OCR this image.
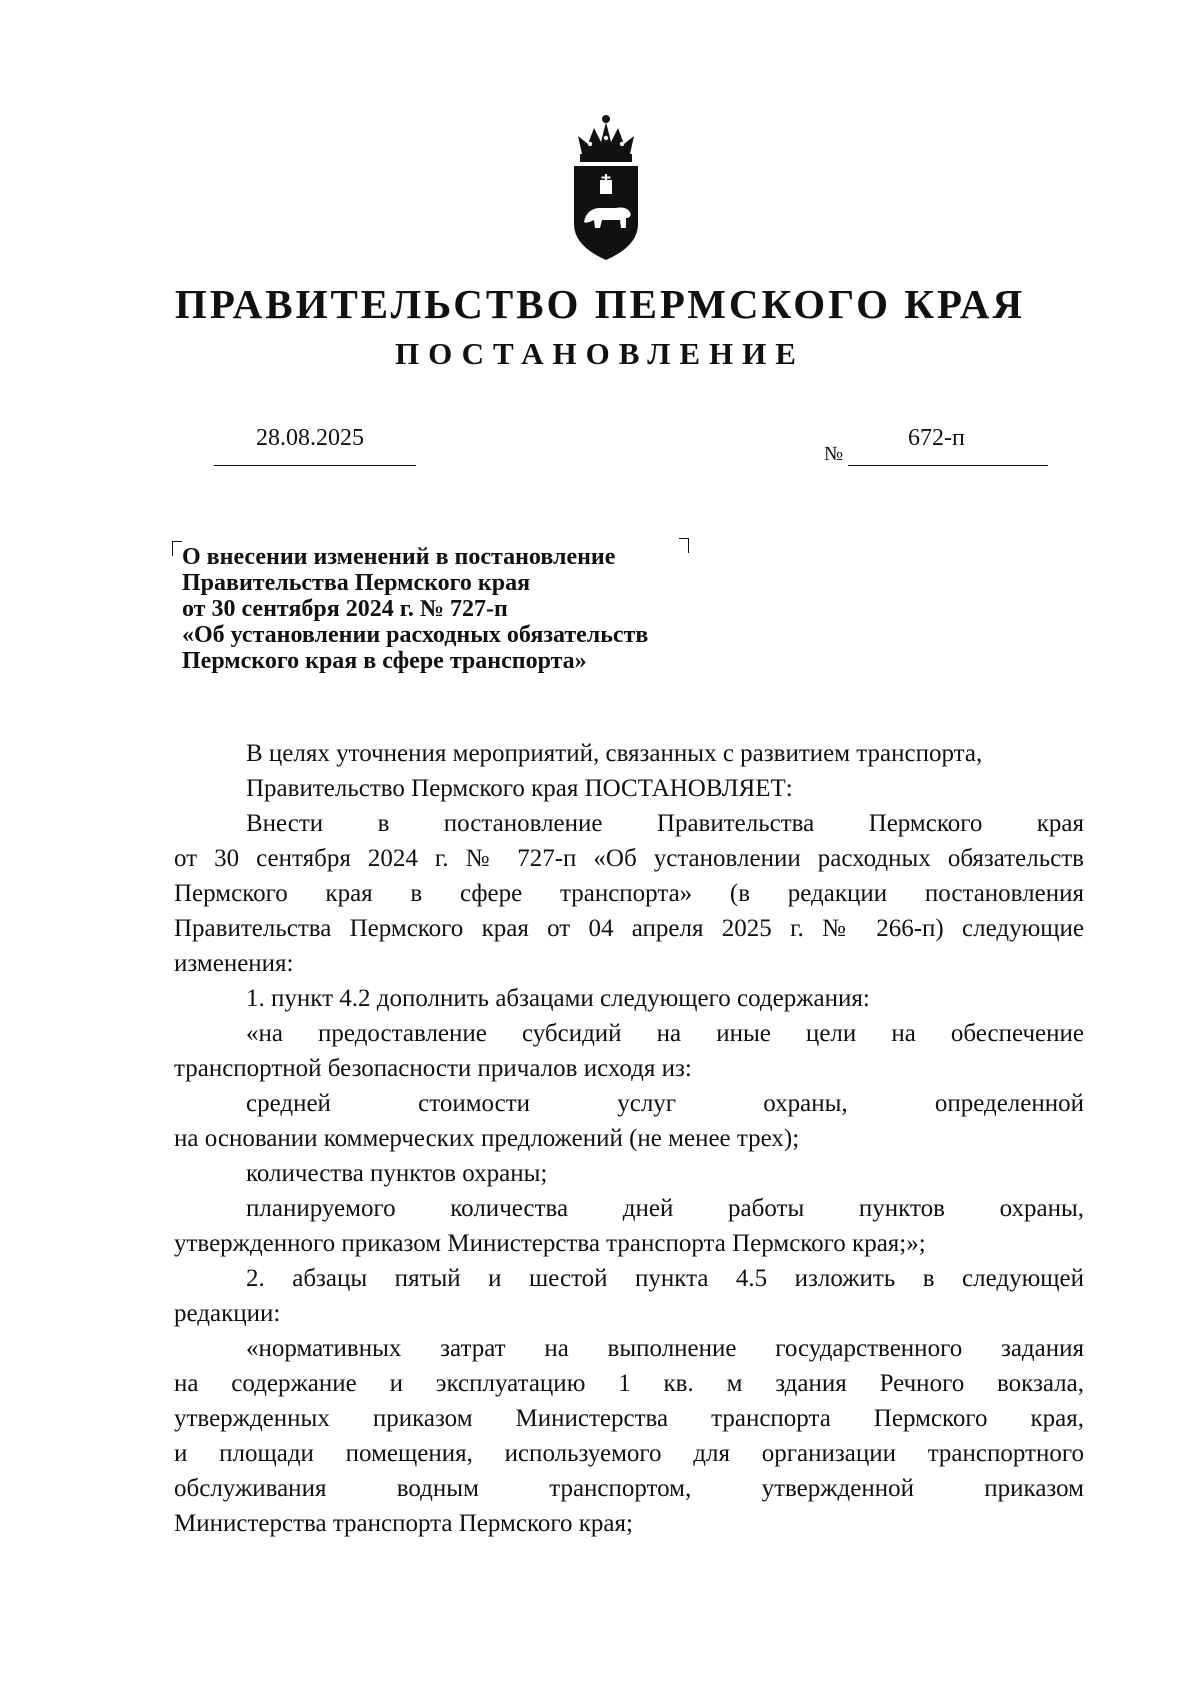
ПРАВИТЕЛЬСТВО ПЕРМСКОГО КРАЯ
ПОСТАНОВЛЕНИЕ
28.08.2025
№
672-п
О внесении изменений в постановление
Правительства Пермского края
от 30 сентября 2024 г. № 727-п
«Об установлении расходных обязательств
Пермского края в сфере транспорта»
В целях уточнения мероприятий, связанных с развитием транспорта,
Правительство Пермского края ПОСТАНОВЛЯЕТ:
Внести в постановление Правительства Пермского края
от 30 сентября 2024 г. № 727-п «Об установлении расходных обязательств
Пермского края в сфере транспорта» (в редакции постановления
Правительства Пермского края от 04 апреля 2025 г. № 266-п) следующие
изменения:
1. пункт 4.2 дополнить абзацами следующего содержания:
«на предоставление субсидий на иные цели на обеспечение
транспортной безопасности причалов исходя из:
средней стоимости услуг охраны, определенной
на основании коммерческих предложений (не менее трех);
количества пунктов охраны;
планируемого количества дней работы пунктов охраны,
утвержденного приказом Министерства транспорта Пермского края;»;
2. абзацы пятый и шестой пункта 4.5 изложить в следующей
редакции:
«нормативных затрат на выполнение государственного задания
на содержание и эксплуатацию 1 кв. м здания Речного вокзала,
утвержденных приказом Министерства транспорта Пермского края,
и площади помещения, используемого для организации транспортного
обслуживания водным транспортом, утвержденной приказом
Министерства транспорта Пермского края;
